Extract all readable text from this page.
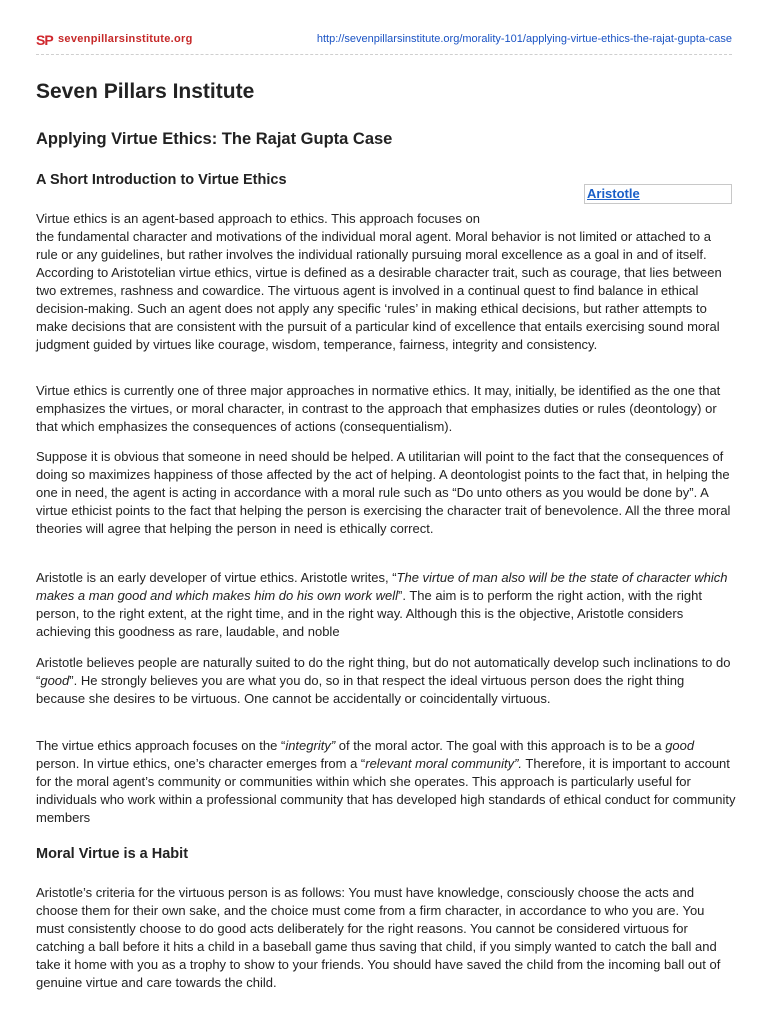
SP sevenpillarsinstitute.org	http://sevenpillarsinstitute.org/morality-101/applying-virtue-ethics-the-rajat-gupta-case
Seven Pillars Institute
Applying Virtue Ethics: The Rajat Gupta Case
A Short Introduction to Virtue Ethics
Aristotle

Virtue ethics is an agent-based approach to ethics. This approach focuses on
the fundamental character and motivations of the individual moral agent. Moral behavior is not limited or attached to a rule or any guidelines, but rather involves the individual rationally pursuing moral excellence as a goal in and of itself. According to Aristotelian virtue ethics, virtue is defined as a desirable character trait, such as courage, that lies between two extremes, rashness and cowardice. The virtuous agent is involved in a continual quest to find balance in ethical decision-making. Such an agent does not apply any specific ‘rules’ in making ethical decisions, but rather attempts to make decisions that are consistent with the pursuit of a particular kind of excellence that entails exercising sound moral judgment guided by virtues like courage, wisdom, temperance, fairness, integrity and consistency.

Virtue ethics is currently one of three major approaches in normative ethics. It may, initially, be identified as the one that emphasizes the virtues, or moral character, in contrast to the approach that emphasizes duties or rules (deontology) or that which emphasizes the consequences of actions (consequentialism).

Suppose it is obvious that someone in need should be helped. A utilitarian will point to the fact that the consequences of doing so maximizes happiness of those affected by the act of helping. A deontologist points to the fact that, in helping the one in need, the agent is acting in accordance with a moral rule such as “Do unto others as you would be done by”. A virtue ethicist points to the fact that helping the person is exercising the character trait of benevolence. All the three moral theories will agree that helping the person in need is ethically correct.

Aristotle is an early developer of virtue ethics. Aristotle writes, “The virtue of man also will be the state of character which makes a man good and which makes him do his own work well”. The aim is to perform the right action, with the right person, to the right extent, at the right time, and in the right way. Although this is the objective, Aristotle considers achieving this goodness as rare, laudable, and noble

Aristotle believes people are naturally suited to do the right thing, but do not automatically develop such inclinations to do “good”. He strongly believes you are what you do, so in that respect the ideal virtuous person does the right thing because she desires to be virtuous. One cannot be accidentally or coincidentally virtuous.

The virtue ethics approach focuses on the “integrity” of the moral actor. The goal with this approach is to be a good person. In virtue ethics, one’s character emerges from a “relevant moral community”. Therefore, it is important to account for the moral agent’s community or communities within which she operates. This approach is particularly useful for individuals who work within a professional community that has developed high standards of ethical conduct for community members

Moral Virtue is a Habit

Aristotle’s criteria for the virtuous person is as follows: You must have knowledge, consciously choose the acts and choose them for their own sake, and the choice must come from a firm character, in accordance to who you are. You must consistently choose to do good acts deliberately for the right reasons. You cannot be considered virtuous for catching a ball before it hits a child in a baseball game thus saving that child, if you simply wanted to catch the ball and take it home with you as a trophy to show to your friends. You should have saved the child from the incoming ball out of genuine virtue and care towards the child.
